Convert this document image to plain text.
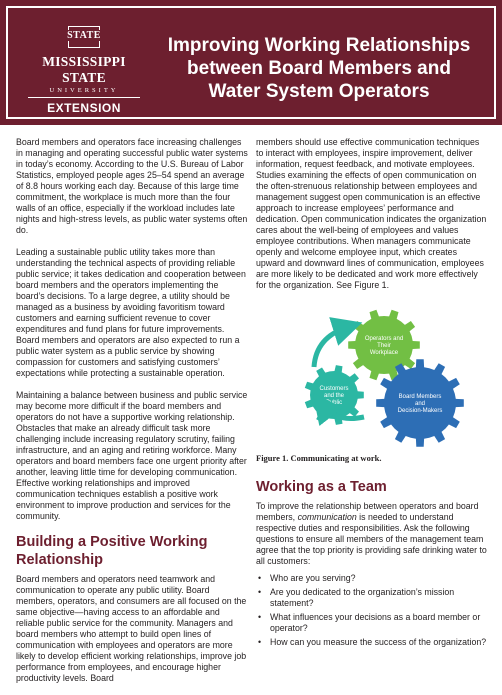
STATE
MISSISSIPPI STATE
UNIVERSITY
EXTENSION
Improving Working Relationships between Board Members and Water System Operators

Board members and operators face increasing challenges in managing and operating successful public water systems in today’s economy. According to the U.S. Bureau of Labor Statistics, employed people ages 25–54 spend an average of 8.8 hours working each day. Because of this large time commitment, the workplace is much more than the four walls of an office, especially if the workload includes late nights and high-stress levels, as public water systems often do.

Leading a sustainable public utility takes more than understanding the technical aspects of providing reliable public service; it takes dedication and cooperation between board members and the operators implementing the board’s decisions. To a large degree, a utility should be managed as a business by avoiding favoritism toward customers and earning sufficient revenue to cover expenditures and fund plans for future improvements. Board members and operators are also expected to run a public water system as a public service by showing compassion for customers and satisfying customers’ expectations while protecting a sustainable operation.

Maintaining a balance between business and public service may become more difficult if the board members and operators do not have a supportive working relationship. Obstacles that make an already difficult task more challenging include increasing regulatory scrutiny, failing infrastructure, and an aging and retiring workforce. Many operators and board members face one urgent priority after another, leaving little time for developing communication. Effective working relationships and improved communication techniques establish a positive work environment to improve production and services for the community.

Building a Positive Working Relationship

Board members and operators need teamwork and communication to operate any public utility. Board members, operators, and consumers are all focused on the same objective—having access to an affordable and reliable public service for the community. Managers and board members who attempt to build open lines of communication with employees and operators are more likely to develop efficient working relationships, improve job performance from employees, and encourage higher productivity levels. Board

members should use effective communication techniques to interact with employees, inspire improvement, deliver information, request feedback, and motivate employees. Studies examining the effects of open communication on the often-strenuous relationship between employees and management suggest open communication is an effective approach to increase employees’ performance and dedication. Open communication indicates the organization cares about the well-being of employees and values employee contributions. When managers communicate openly and welcome employee input, which creates upward and downward lines of communication, employees are more likely to be dedicated and work more effectively for the organization. See Figure 1.

Operators and Their Workplace
Customers and the Public
Board Members and Decision-Makers
Figure 1. Communicating at work.
Working as a Team

To improve the relationship between operators and board members, communication is needed to understand respective duties and responsibilities. Ask the following questions to ensure all members of the management team agree that the top priority is providing safe drinking water to all customers:

• Who are you serving?
• Are you dedicated to the organization’s mission statement?
• What influences your decisions as a board member or operator?
• How can you measure the success of the organization?
